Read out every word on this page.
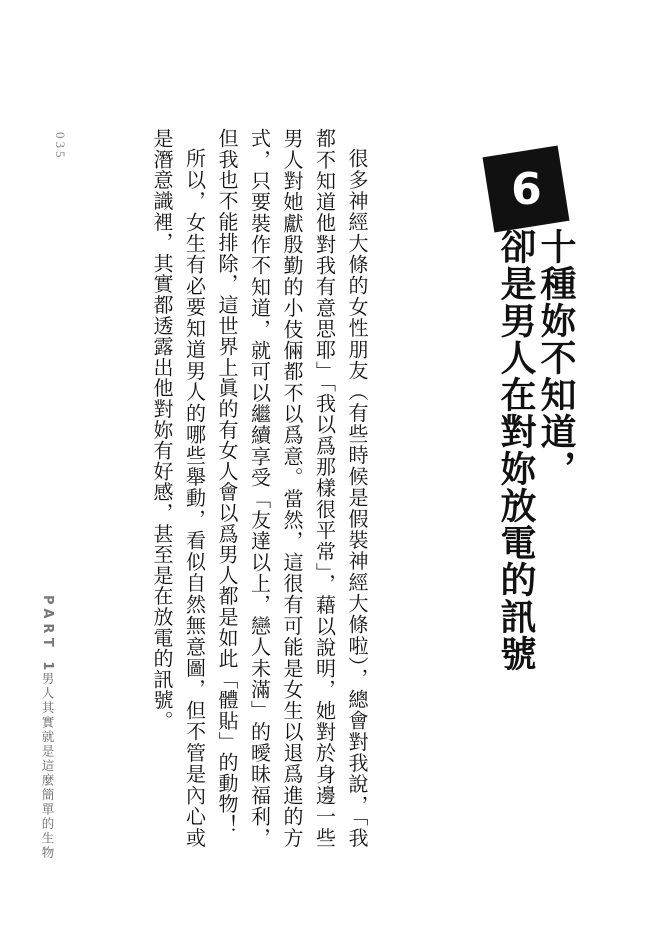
035

很多神經大條的女性朋友（有些時候是假裝神經大條啦），總會對我說，「我都不知道他對我有意思耶」「我以爲那樣很平常」，藉以說明，她對於身邊一些男人對她獻殷勤的小伎倆都不以爲意。當然，這很有可能是女生以退爲進的方式，只要裝作不知道，就可以繼續享受「友達以上，戀人未滿」的曖昧福利，但我也不能排除，這世界上眞的有女人會以爲男人都是如此「體貼」的動物！

所以，女生有必要知道男人的哪些舉動，看似自然無意圖，但不管是內心或是潛意識裡，其實都透露出他對妳有好感，甚至是在放電的訊號。	6
十種妳不知道，
卻是男人在對妳放電的訊號
PART 1
男人其實就是這麼簡單的生物
